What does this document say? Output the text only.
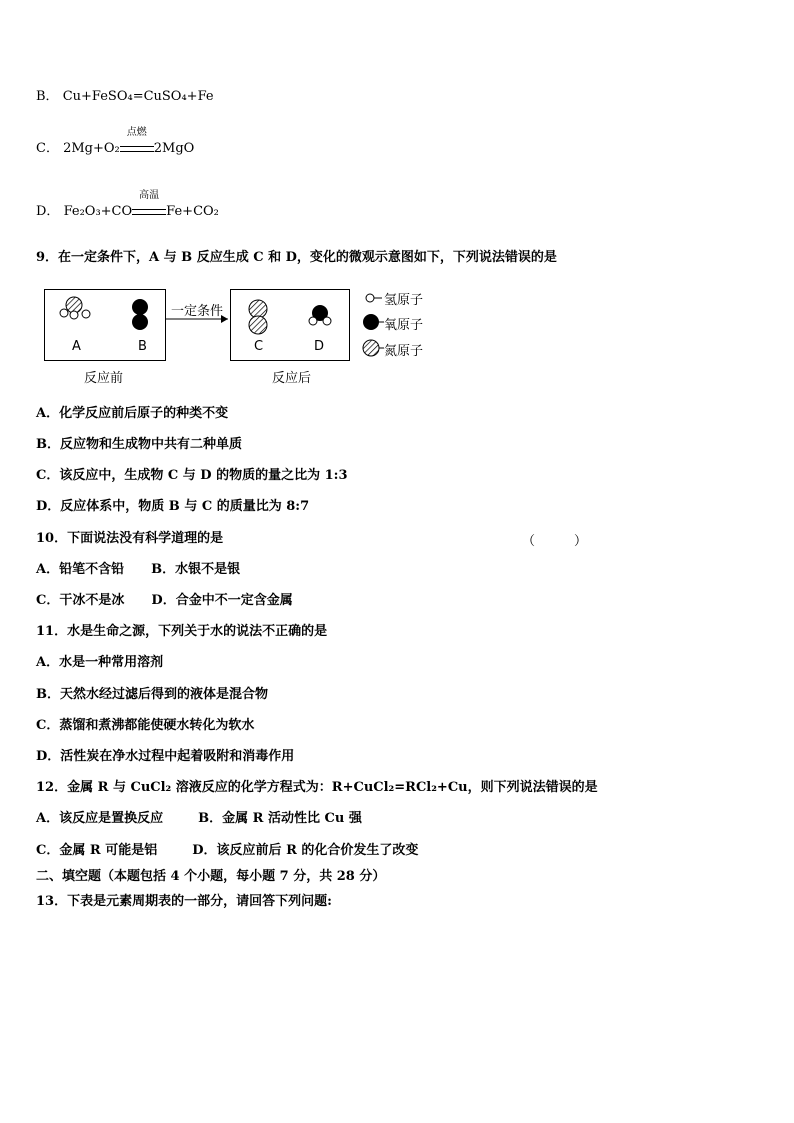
B． Cu+FeSO₄=CuSO₄+Fe
C． 2Mg+O₂
点燃
2MgO
D． Fe₂O₃+CO
高温
Fe+CO₂
9．在一定条件下，A 与 B 反应生成 C 和 D，变化的微观示意图如下，下列说法错误的是
一定条件
A	B	C	D
反应前	反应后
氢原子
氧原子
氮原子
A．化学反应前后原子的种类不变
B．反应物和生成物中共有二种单质
C．该反应中，生成物 C 与 D 的物质的量之比为 1:3
D．反应体系中，物质 B 与 C 的质量比为 8:7
10．下面说法没有科学道理的是	（　　　）
A．铅笔不含铅 B．水银不是银
C．干冰不是冰 D．合金中不一定含金属
11．水是生命之源，下列关于水的说法不正确的是
A．水是一种常用溶剂
B．天然水经过滤后得到的液体是混合物
C．蒸馏和煮沸都能使硬水转化为软水
D．活性炭在净水过程中起着吸附和消毒作用
12．金属 R 与 CuCl₂ 溶液反应的化学方程式为：R+CuCl₂=RCl₂+Cu，则下列说法错误的是
A．该反应是置换反应	B．金属 R 活动性比 Cu 强
C．金属 R 可能是铝	D．该反应前后 R 的化合价发生了改变
二、填空题（本题包括 4 个小题，每小题 7 分，共 28 分）
13．下表是元素周期表的一部分，请回答下列问题:
